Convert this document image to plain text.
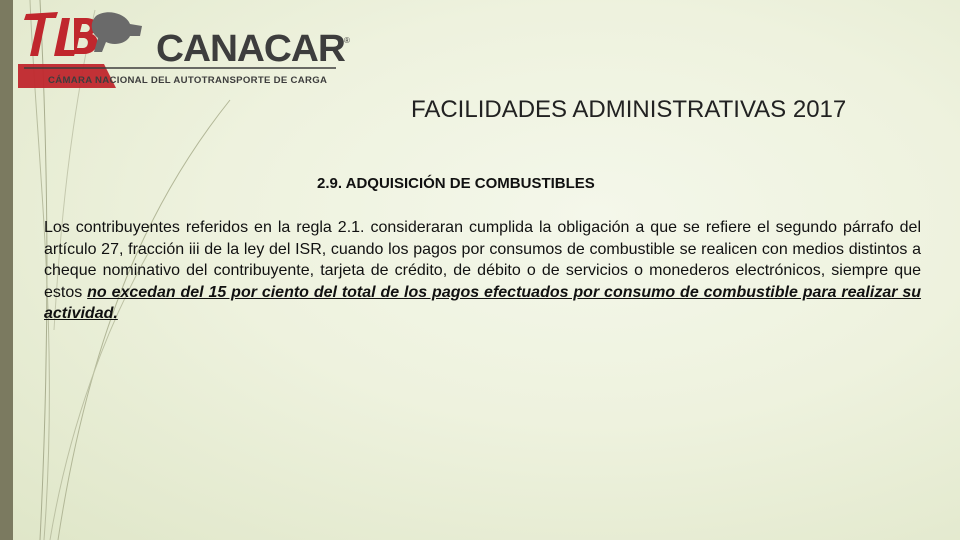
CANACAR ®
CÁMARA NACIONAL DEL AUTOTRANSPORTE DE CARGA
FACILIDADES ADMINISTRATIVAS 2017
2.9. ADQUISICIÓN DE COMBUSTIBLES
Los contribuyentes referidos en la regla 2.1. consideraran cumplida la obligación a que se refiere el segundo párrafo del artículo 27, fracción iii de la ley del ISR, cuando los pagos por consumos de combustible se realicen con medios distintos a cheque nominativo del contribuyente, tarjeta de crédito, de débito o de servicios o monederos electrónicos, siempre que estos no excedan del 15 por ciento del total de los pagos efectuados por consumo de combustible para realizar su actividad.
